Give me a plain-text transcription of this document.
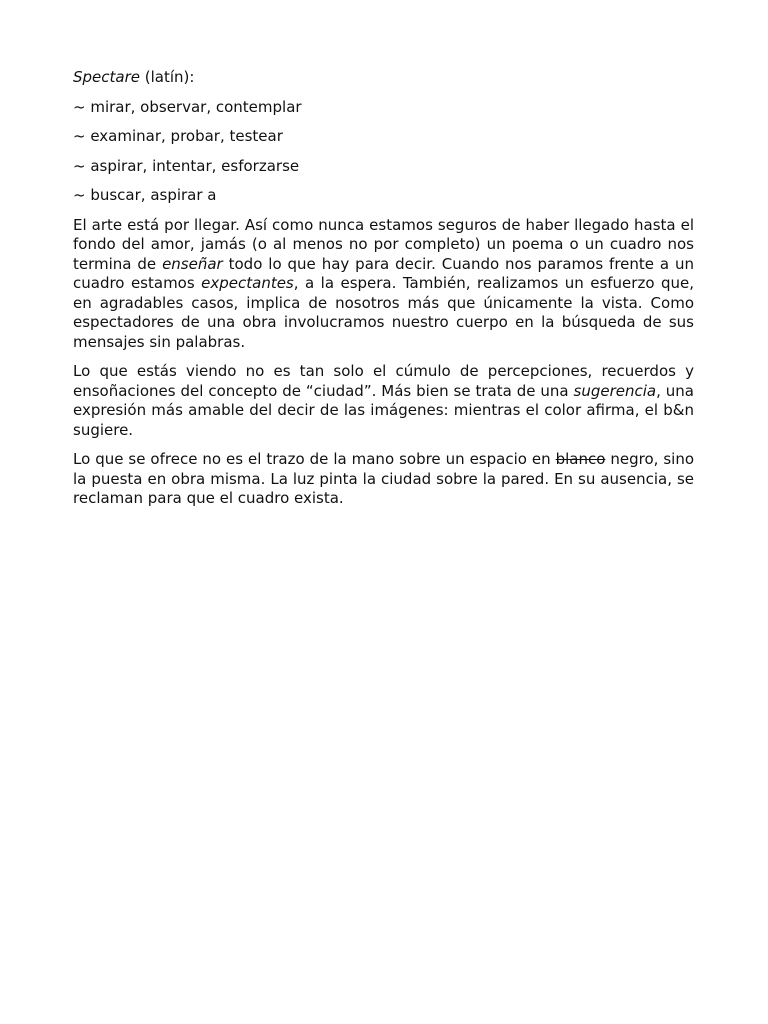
Spectare (latín):

~ mirar, observar, contemplar

~ examinar, probar, testear

~ aspirar, intentar, esforzarse

~ buscar, aspirar a

El arte está por llegar. Así como nunca estamos seguros de haber llegado hasta el fondo del amor, jamás (o al menos no por completo) un poema o un cuadro nos termina de enseñar todo lo que hay para decir. Cuando nos paramos frente a un cuadro estamos expectantes, a la espera. También, realizamos un esfuerzo que, en agradables casos, implica de nosotros más que únicamente la vista. Como espectadores de una obra involucramos nuestro cuerpo en la búsqueda de sus mensajes sin palabras.

Lo que estás viendo no es tan solo el cúmulo de percepciones, recuerdos y ensoñaciones del concepto de “ciudad”. Más bien se trata de una sugerencia, una expresión más amable del decir de las imágenes: mientras el color afirma, el b&n sugiere.

Lo que se ofrece no es el trazo de la mano sobre un espacio en blanco negro, sino la puesta en obra misma. La luz pinta la ciudad sobre la pared. En su ausencia, se reclaman para que el cuadro exista.
